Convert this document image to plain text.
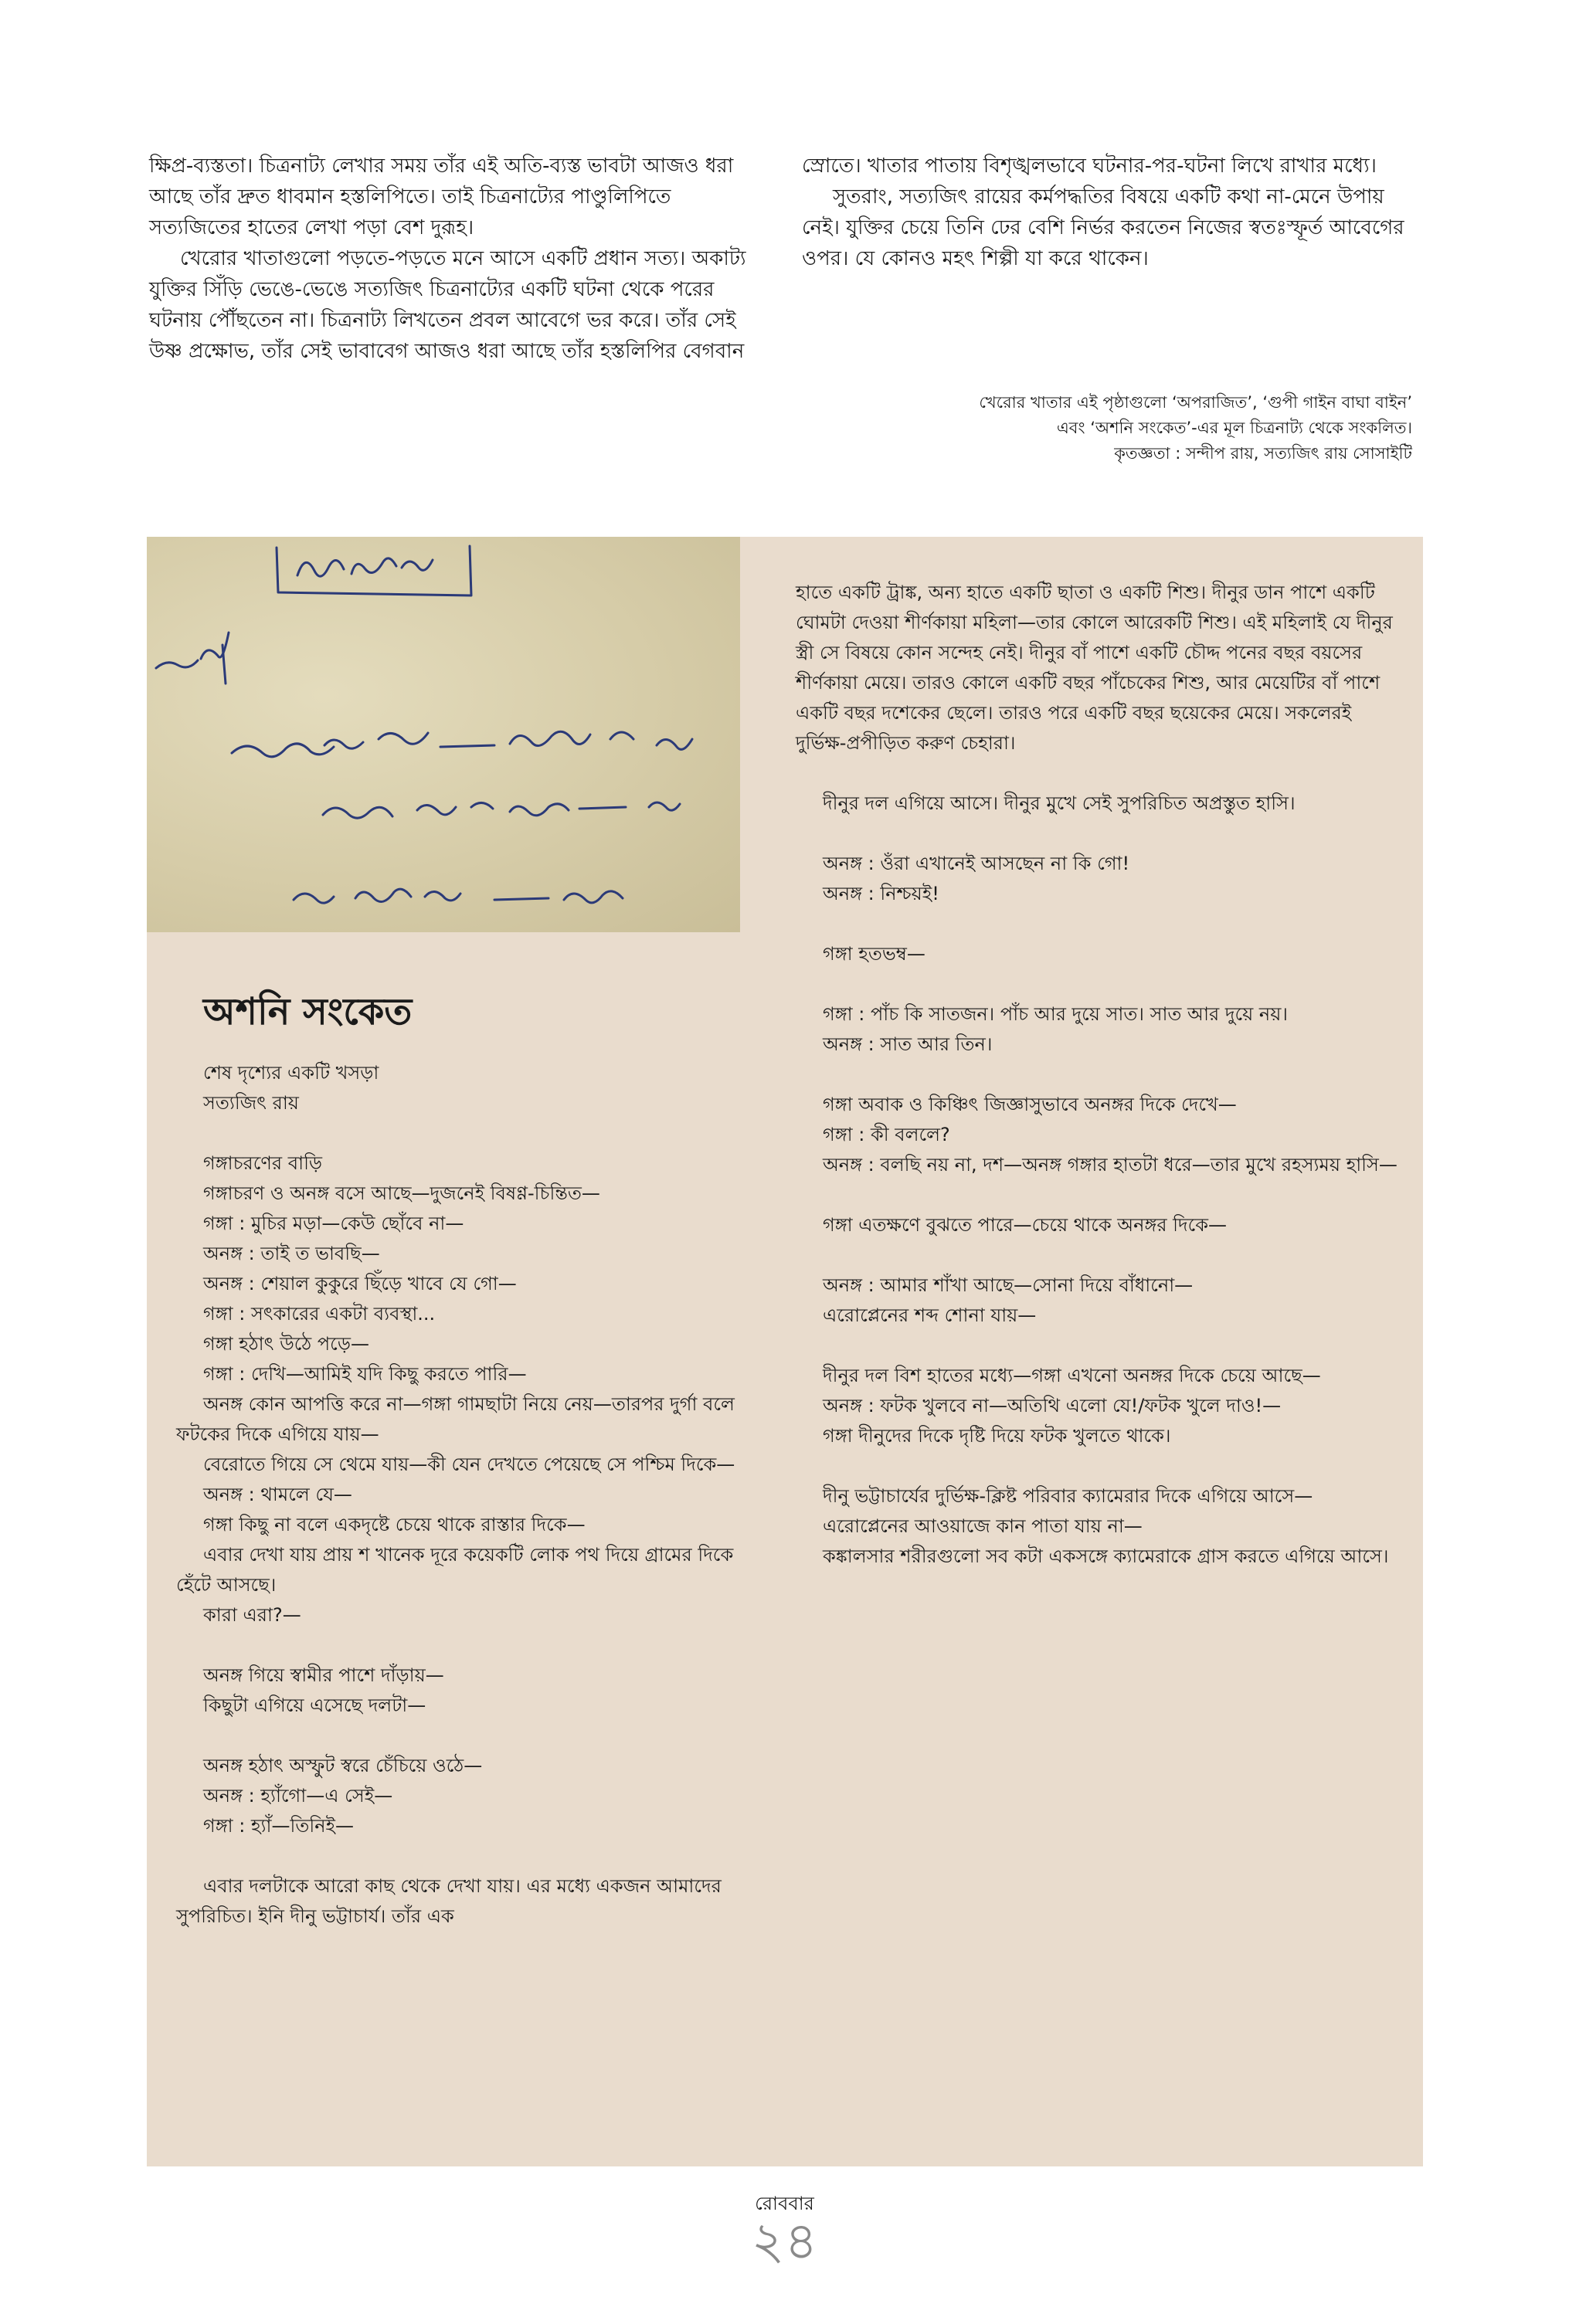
ক্ষিপ্র-ব্যস্ততা। চিত্রনাট্য লেখার সময় তাঁর এই অতি-ব্যস্ত ভাবটা আজও ধরা আছে তাঁর দ্রুত ধাবমান হস্তলিপিতে। তাই চিত্রনাট্যের পাণ্ডুলিপিতে সত্যজিতের হাতের লেখা পড়া বেশ দুরূহ।

খেরোর খাতাগুলো পড়তে-পড়তে মনে আসে একটি প্রধান সত্য। অকাট্য যুক্তির সিঁড়ি ভেঙে-ভেঙে সত্যজিৎ চিত্রনাট্যের একটি ঘটনা থেকে পরের ঘটনায় পৌঁছতেন না। চিত্রনাট্য লিখতেন প্রবল আবেগে ভর করে। তাঁর সেই উষ্ণ প্রক্ষোভ, তাঁর সেই ভাবাবেগ আজও ধরা আছে তাঁর হস্তলিপির বেগবান

স্রোতে। খাতার পাতায় বিশৃঙ্খলভাবে ঘটনার-পর-ঘটনা লিখে রাখার মধ্যে।

সুতরাং, সত্যজিৎ রায়ের কর্মপদ্ধতির বিষয়ে একটি কথা না-মেনে উপায় নেই। যুক্তির চেয়ে তিনি ঢের বেশি নির্ভর করতেন নিজের স্বতঃস্ফূর্ত আবেগের ওপর। যে কোনও মহৎ শিল্পী যা করে থাকেন।

খেরোর খাতার এই পৃষ্ঠাগুলো ‘অপরাজিত’, ‘গুপী গাইন বাঘা বাইন’
এবং ‘অশনি সংকেত’-এর মূল চিত্রনাট্য থেকে সংকলিত।
কৃতজ্ঞতা : সন্দীপ রায়, সত্যজিৎ রায় সোসাইটি
অশনি সংকেত

শেষ দৃশ্যের একটি খসড়া

সত্যজিৎ রায়

গঙ্গাচরণের বাড়ি

গঙ্গাচরণ ও অনঙ্গ বসে আছে—দুজনেই বিষণ্ণ-চিন্তিত—

গঙ্গা : মুচির মড়া—কেউ ছোঁবে না—

অনঙ্গ : তাই ত ভাবছি—

অনঙ্গ : শেয়াল কুকুরে ছিঁড়ে খাবে যে গো—

গঙ্গা : সৎকারের একটা ব্যবস্থা...

গঙ্গা হঠাৎ উঠে পড়ে—

গঙ্গা : দেখি—আমিই যদি কিছু করতে পারি—

অনঙ্গ কোন আপত্তি করে না—গঙ্গা গামছাটা নিয়ে নেয়—তারপর দুর্গা বলে ফটকের দিকে এগিয়ে যায়—

বেরোতে গিয়ে সে থেমে যায়—কী যেন দেখতে পেয়েছে সে পশ্চিম দিকে—

অনঙ্গ : থামলে যে—

গঙ্গা কিছু না বলে একদৃষ্টে চেয়ে থাকে রাস্তার দিকে—

এবার দেখা যায় প্রায় শ খানেক দূরে কয়েকটি লোক পথ দিয়ে গ্রামের দিকে হেঁটে আসছে।

কারা এরা?—

অনঙ্গ গিয়ে স্বামীর পাশে দাঁড়ায়—

কিছুটা এগিয়ে এসেছে দলটা—

অনঙ্গ হঠাৎ অস্ফুট স্বরে চেঁচিয়ে ওঠে—

অনঙ্গ : হ্যাঁগো—এ সেই—

গঙ্গা : হ্যাঁ—তিনিই—

এবার দলটাকে আরো কাছ থেকে দেখা যায়। এর মধ্যে একজন আমাদের সুপরিচিত। ইনি দীনু ভট্টাচার্য। তাঁর এক

হাতে একটি ট্রাঙ্ক, অন্য হাতে একটি ছাতা ও একটি শিশু। দীনুর ডান পাশে একটি ঘোমটা দেওয়া শীর্ণকায়া মহিলা—তার কোলে আরেকটি শিশু। এই মহিলাই যে দীনুর স্ত্রী সে বিষয়ে কোন সন্দেহ নেই। দীনুর বাঁ পাশে একটি চৌদ্দ পনের বছর বয়সের শীর্ণকায়া মেয়ে। তারও কোলে একটি বছর পাঁচেকের শিশু, আর মেয়েটির বাঁ পাশে একটি বছর দশেকের ছেলে। তারও পরে একটি বছর ছয়েকের মেয়ে। সকলেরই দুর্ভিক্ষ-প্রপীড়িত করুণ চেহারা।

দীনুর দল এগিয়ে আসে। দীনুর মুখে সেই সুপরিচিত অপ্রস্তুত হাসি।

অনঙ্গ : ওঁরা এখানেই আসছেন না কি গো!

অনঙ্গ : নিশ্চয়ই!

গঙ্গা হতভম্ব—

গঙ্গা : পাঁচ কি সাতজন। পাঁচ আর দুয়ে সাত। সাত আর দুয়ে নয়।

অনঙ্গ : সাত আর তিন।

গঙ্গা অবাক ও কিঞ্চিৎ জিজ্ঞাসুভাবে অনঙ্গর দিকে দেখে—

গঙ্গা : কী বললে?

অনঙ্গ : বলছি নয় না, দশ—অনঙ্গ গঙ্গার হাতটা ধরে—তার মুখে রহস্যময় হাসি—

গঙ্গা এতক্ষণে বুঝতে পারে—চেয়ে থাকে অনঙ্গর দিকে—

অনঙ্গ : আমার শাঁখা আছে—সোনা দিয়ে বাঁধানো—

এরোপ্লেনের শব্দ শোনা যায়—

দীনুর দল বিশ হাতের মধ্যে—গঙ্গা এখনো অনঙ্গর দিকে চেয়ে আছে—

অনঙ্গ : ফটক খুলবে না—অতিথি এলো যে!/ফটক খুলে দাও!—

গঙ্গা দীনুদের দিকে দৃষ্টি দিয়ে ফটক খুলতে থাকে।

দীনু ভট্টাচার্যের দুর্ভিক্ষ-ক্লিষ্ট পরিবার ক্যামেরার দিকে এগিয়ে আসে—

এরোপ্লেনের আওয়াজে কান পাতা যায় না—

কঙ্কালসার শরীরগুলো সব কটা একসঙ্গে ক্যামেরাকে গ্রাস করতে এগিয়ে আসে।

রোববার
২৪
